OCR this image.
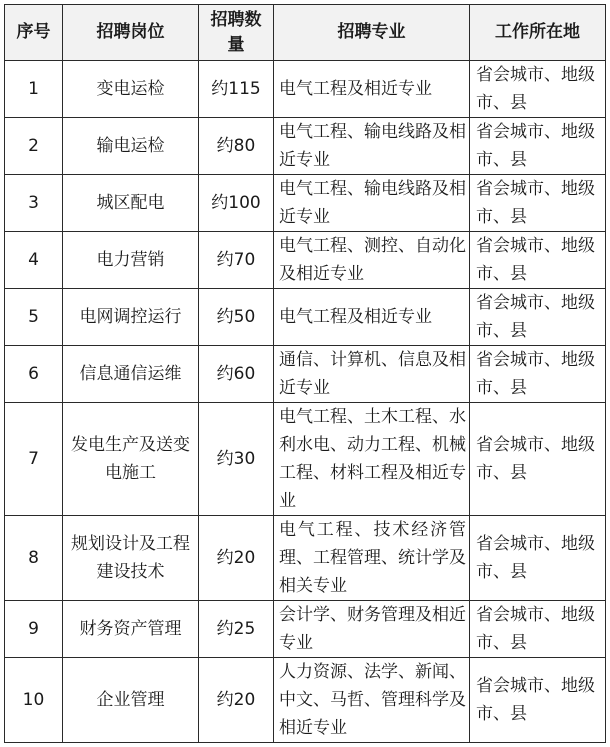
序号	招聘岗位	招聘数量	招聘专业	工作所在地
1	变电运检	约115	电气工程及相近专业	省会城市、地级市、县
2	输电运检	约80	电气工程、输电线路及相近专业	省会城市、地级市、县
3	城区配电	约100	电气工程、输电线路及相近专业	省会城市、地级市、县
4	电力营销	约70	电气工程、测控、自动化及相近专业	省会城市、地级市、县
5	电网调控运行	约50	电气工程及相近专业	省会城市、地级市、县
6	信息通信运维	约60	通信、计算机、信息及相近专业	省会城市、地级市、县
7	发电生产及送变电施工	约30	电气工程、土木工程、水利水电、动力工程、机械工程、材料工程及相近专业	省会城市、地级市、县
8	规划设计及工程建设技术	约20	电气工程、技术经济管理、工程管理、统计学及相关专业	省会城市、地级市、县
9	财务资产管理	约25	会计学、财务管理及相近专业	省会城市、地级市、县
10	企业管理	约20	人力资源、法学、新闻、中文、马哲、管理科学及相近专业	省会城市、地级市、县
